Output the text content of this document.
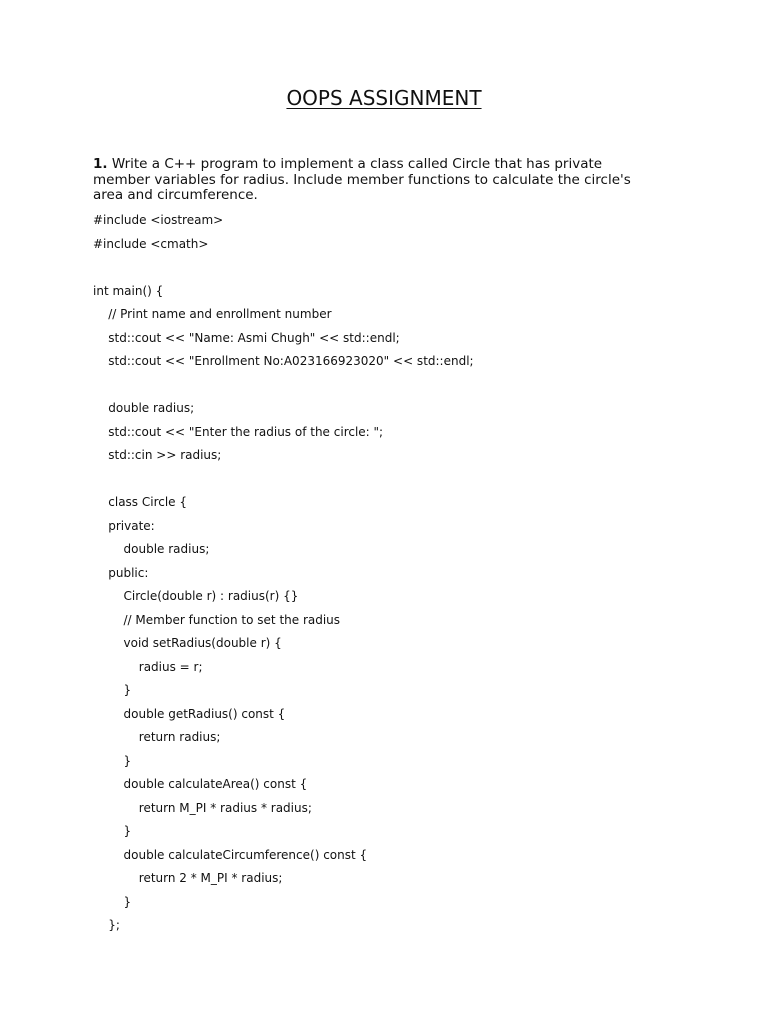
OOPS ASSIGNMENT
1. Write a C++ program to implement a class called Circle that has private member variables for radius. Include member functions to calculate the circle's area and circumference.
#include <iostream>
#include <cmath>
int main() {
// Print name and enrollment number
std::cout << "Name: Asmi Chugh" << std::endl;
std::cout << "Enrollment No:A023166923020" << std::endl;
double radius;
std::cout << "Enter the radius of the circle: ";
std::cin >> radius;
class Circle {
private:
double radius;
public:
Circle(double r) : radius(r) {}
// Member function to set the radius
void setRadius(double r) {
radius = r;
}
double getRadius() const {
return radius;
}
double calculateArea() const {
return M_PI * radius * radius;
}
double calculateCircumference() const {
return 2 * M_PI * radius;
}
};
